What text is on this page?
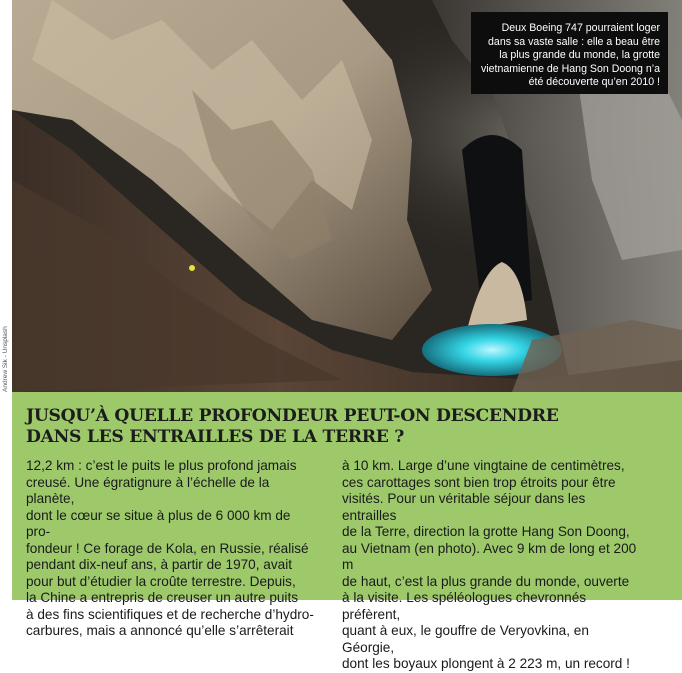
Deux Boeing 747 pourraient loger dans sa vaste salle : elle a beau être la plus grande du monde, la grotte vietnamienne de Hang Son Doong n’a été découverte qu’en 2010 !
Andrew Sik - Unsplash
JUSQU’À QUELLE PROFONDEUR PEUT-ON DESCENDRE
DANS LES ENTRAILLES DE LA TERRE ?

12,2 km : c’est le puits le plus profond jamais
creusé. Une égratignure à l’échelle de la planète,
dont le cœur se situe à plus de 6 000 km de pro-
fondeur ! Ce forage de Kola, en Russie, réalisé
pendant dix-neuf ans, à partir de 1970, avait
pour but d’étudier la croûte terrestre. Depuis,
la Chine a entrepris de creuser un autre puits
à des fins scientifiques et de recherche d’hydro-
carbures, mais a annoncé qu’elle s’arrêterait

à 10 km. Large d’une vingtaine de centimètres,
ces carottages sont bien trop étroits pour être
visités. Pour un véritable séjour dans les entrailles
de la Terre, direction la grotte Hang Son Doong,
au Vietnam (en photo). Avec 9 km de long et 200 m
de haut, c’est la plus grande du monde, ouverte
à la visite. Les spéléologues chevronnés préfèrent,
quant à eux, le gouffre de Veryovkina, en Géorgie,
dont les boyaux plongent à 2 223 m, un record !
